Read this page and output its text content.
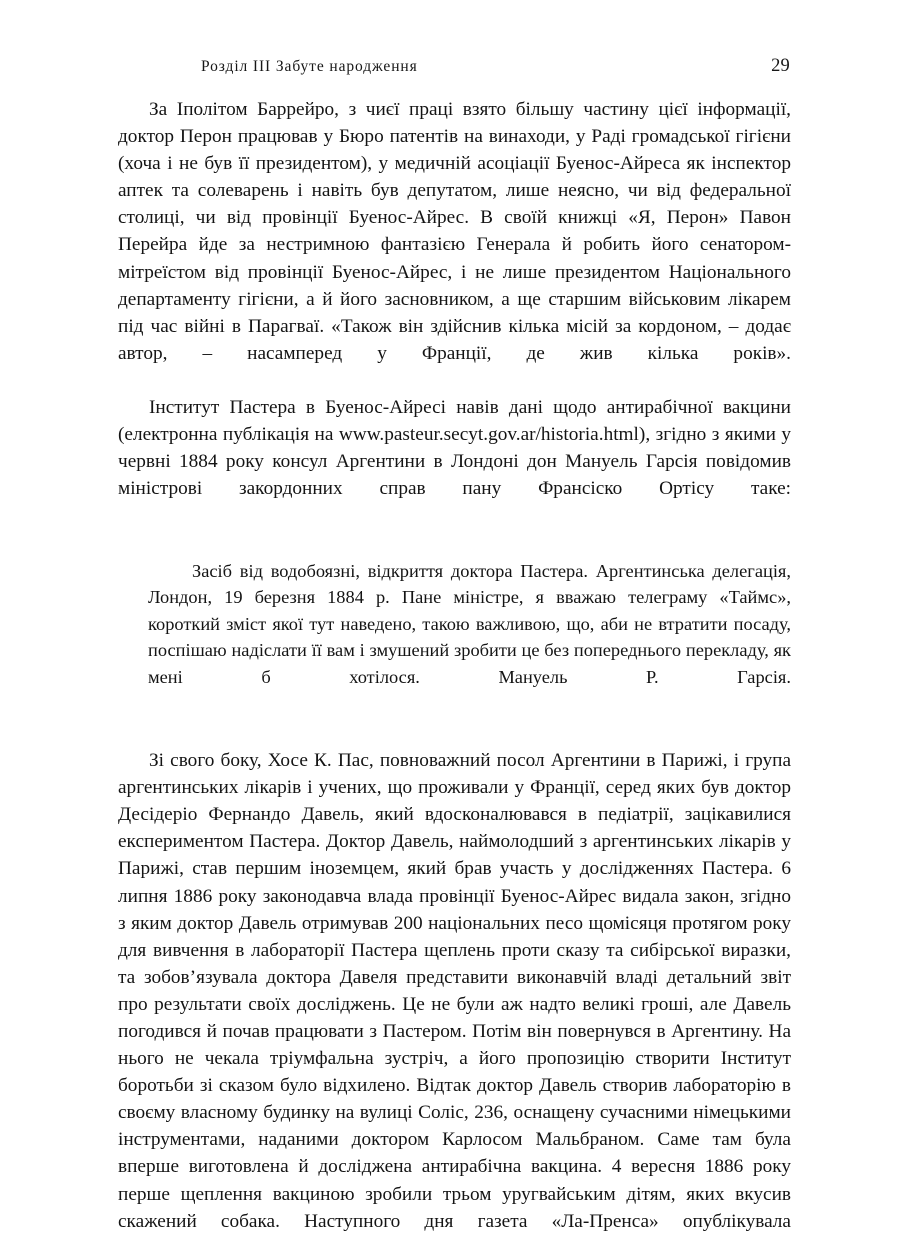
Розділ III Забуте народження	29

За Іполітом Баррейро, з чиєї праці взято більшу частину цієї інформації, доктор Перон працював у Бюро патентів на винаходи, у Раді громадської гігієни (хоча і не був її президентом), у медичній асоціації Буенос-Айреса як інспектор аптек та солеварень і навіть був депутатом, лише неясно, чи від федеральної столиці, чи від провінції Буенос-Айрес. В своїй книжці «Я, Перон» Павон Перейра йде за нестримною фантазією Генерала й робить його сенатором-мітреїстом від провінції Буенос-Айрес, і не лише президентом Національного департаменту гігієни, а й його засновником, а ще старшим військовим лікарем під час війні в Парагваї. «Також він здійснив кілька місій за кордоном, – додає автор, – насамперед у Франції, де жив кілька років».

Інститут Пастера в Буенос-Айресі навів дані щодо антирабічної вакцини (електронна публікація на www.pasteur.secyt.gov.ar/historia.html), згідно з якими у червні 1884 року консул Аргентини в Лондоні дон Мануель Гарсія повідомив міністрові закордонних справ пану Франсіско Ортісу таке:

Засіб від водобоязні, відкриття доктора Пастера. Аргентинська делегація, Лондон, 19 березня 1884 р. Пане міністре, я вважаю телеграму «Таймс», короткий зміст якої тут наведено, такою важливою, що, аби не втратити посаду, поспішаю надіслати її вам і змушений зробити це без попереднього перекладу, як мені б хотілося. Мануель Р. Гарсія.

Зі свого боку, Хосе К. Пас, повноважний посол Аргентини в Парижі, і група аргентинських лікарів і учених, що проживали у Франції, серед яких був доктор Десідеріо Фернандо Давель, який вдосконалювався в педіатрії, зацікавилися експериментом Пастера. Доктор Давель, наймолодший з аргентинських лікарів у Парижі, став першим іноземцем, який брав участь у дослідженнях Пастера. 6 липня 1886 року законодавча влада провінції Буенос-Айрес видала закон, згідно з яким доктор Давель отримував 200 національних песо щомісяця протягом року для вивчення в лабораторії Пастера щеплень проти сказу та сибірської виразки, та зобов’язувала доктора Давеля представити виконавчій владі детальний звіт про результати своїх досліджень. Це не були аж надто великі гроші, але Давель погодився й почав працювати з Пастером. Потім він повернувся в Аргентину. На нього не чекала тріумфальна зустріч, а його пропозицію створити Інститут боротьби зі сказом було відхилено. Відтак доктор Давель створив лабораторію в своєму власному будинку на вулиці Соліс, 236, оснащену сучасними німецькими інструментами, наданими доктором Карлосом Мальбраном. Саме там була вперше виготовлена й досліджена антирабічна вакцина. 4 вересня 1886 року перше щеплення вакциною зробили трьом уругвайським дітям, яких вкусив скажений собака. Наступного дня газета «Ла-Пренса» опублікувала
